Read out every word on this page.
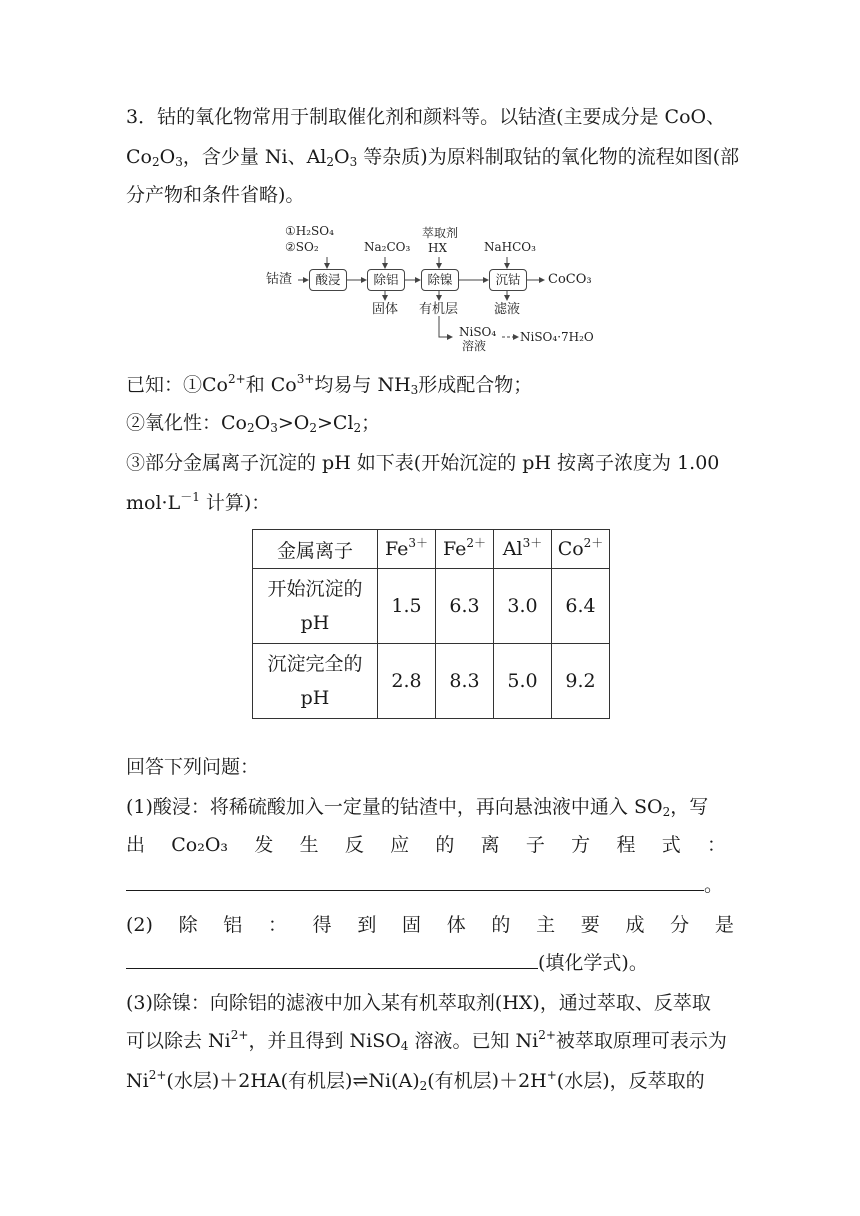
3．钴的氧化物常用于制取催化剂和颜料等。以钴渣(主要成分是 CoO、
$Co_2O_3$，含少量 Ni、$Al_2O_3$ 等杂质)为原料制取钴的氧化物的流程如图(部
分产物和条件省略)。
①H₂SO₄
②SO₂	Na₂CO₃
萃取剂
HX	NaHCO₃
钴渣	酸浸	除铝	除镍	沉钴	CoCO₃
固体 有机层	滤液
NiSO₄
溶液
NiSO₄·7H₂O
已知：$①Co^{2+}$和 $Co^{3+}$均易与 $NH_3$形成配合物；
②氧化性：$Co_2O_3>O_2>Cl_2$；
③部分金属离子沉淀的 pH 如下表(开始沉淀的 pH 按离子浓度为 1.00
$mol\cdot L^{-1}$ 计算)：
金属离子	$Fe^{3+}$	$Fe^{2+}$	$Al^{3+}$	$Co^{2+}$
开始沉淀的
pH	1.5	6.3	3.0	6.4
沉淀完全的
pH	2.8	8.3	5.0	9.2
回答下列问题：
(1)酸浸：将稀硫酸加入一定量的钴渣中，再向悬浊液中通入 $SO_2$，写
出 Co₂O₃ 发 生 反 应 的 离 子 方 程 式 ：
。
(2) 除 铝 ： 得 到 固 体 的 主 要 成 分 是
(填化学式)。
(3)除镍：向除铝的滤液中加入某有机萃取剂(HX)，通过萃取、反萃取
可以除去 $Ni^{2+}$，并且得到 NiSO$_4$ 溶液。已知 $Ni^{2+}$被萃取原理可表示为
$Ni^{2+}$(水层)＋2HA(有机层)$\rightleftharpoons Ni(A)_2$(有机层)＋2H+(水层)，反萃取的
